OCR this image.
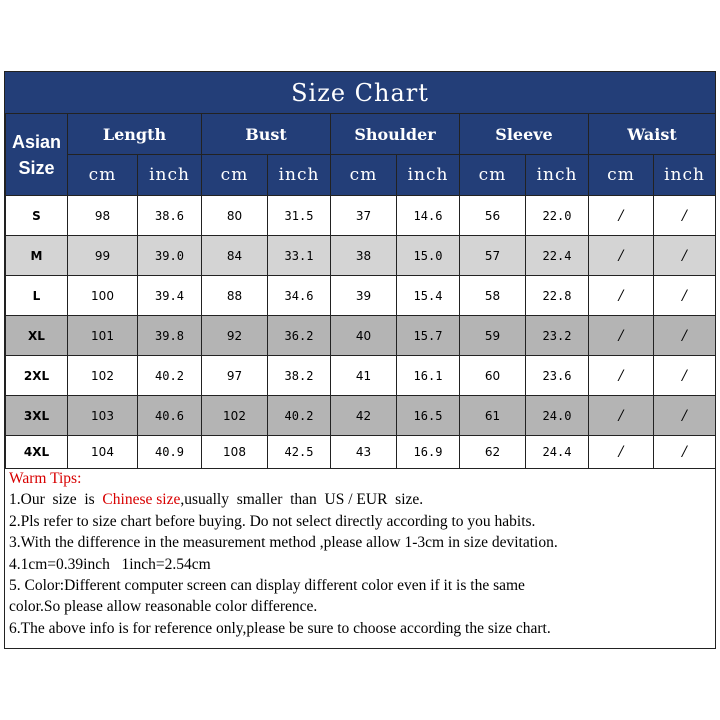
Size Chart
Asian
Size	Length		Bust		Shoulder		Sleeve		Waist	
	cm	inch	cm	inch	cm	inch	cm	inch	cm	inch
S	98	38.6	80	31.5	37	14.6	56	22.0	/	/
M	99	39.0	84	33.1	38	15.0	57	22.4	/	/
L	100	39.4	88	34.6	39	15.4	58	22.8	/	/
XL	101	39.8	92	36.2	40	15.7	59	23.2	/	/
2XL	102	40.2	97	38.2	41	16.1	60	23.6	/	/
3XL	103	40.6	102	40.2	42	16.5	61	24.0	/	/
4XL	104	40.9	108	42.5	43	16.9	62	24.4	/	/
Warm Tips:
1.Our  size  is  Chinese size,usually  smaller  than  US / EUR  size.
2.Pls refer to size chart before buying. Do not select directly according to you habits.
3.With the difference in the measurement method ,please allow 1-3cm in size devitation.
4.1cm=0.39inch   1inch=2.54cm
5. Color:Different computer screen can display different color even if it is the same
color.So please allow reasonable color difference.
6.The above info is for reference only,please be sure to choose according the size chart.
